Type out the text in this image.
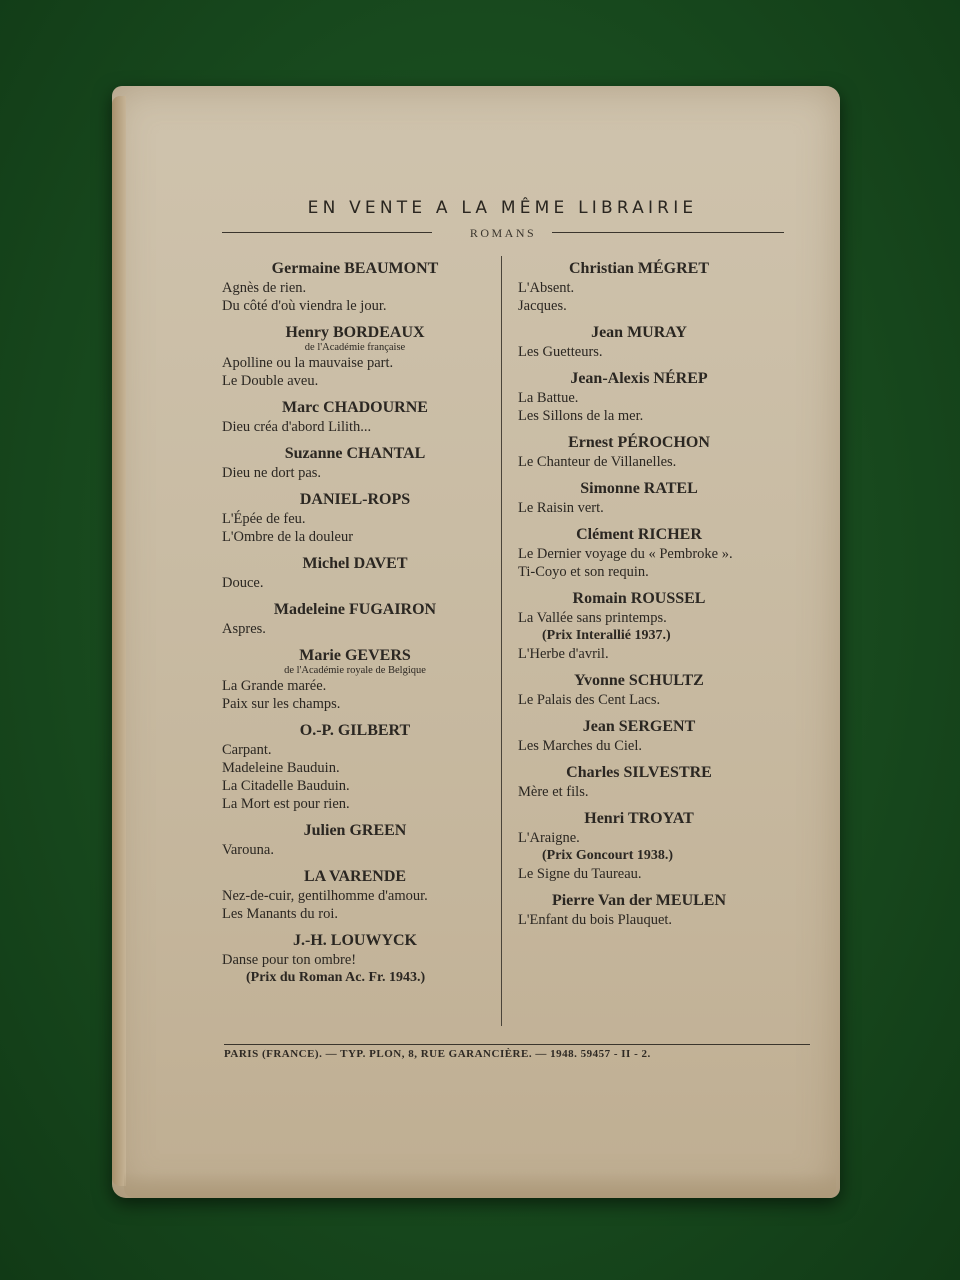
EN VENTE A LA MÊME LIBRAIRIE
ROMANS
Germaine BEAUMONT
Agnès de rien.
Du côté d'où viendra le jour.
Henry BORDEAUX
de l'Académie française
Apolline ou la mauvaise part.
Le Double aveu.
Marc CHADOURNE
Dieu créa d'abord Lilith...
Suzanne CHANTAL
Dieu ne dort pas.
DANIEL-ROPS
L'Épée de feu.
L'Ombre de la douleur
Michel DAVET
Douce.
Madeleine FUGAIRON
Aspres.
Marie GEVERS
de l'Académie royale de Belgique
La Grande marée.
Paix sur les champs.
O.-P. GILBERT
Carpant.
Madeleine Bauduin.
La Citadelle Bauduin.
La Mort est pour rien.
Julien GREEN
Varouna.
LA VARENDE
Nez-de-cuir, gentilhomme d'amour.
Les Manants du roi.
J.-H. LOUWYCK
Danse pour ton ombre!
(Prix du Roman Ac. Fr. 1943.)
Christian MÉGRET
L'Absent.
Jacques.
Jean MURAY
Les Guetteurs.
Jean-Alexis NÉREP
La Battue.
Les Sillons de la mer.
Ernest PÉROCHON
Le Chanteur de Villanelles.
Simonne RATEL
Le Raisin vert.
Clément RICHER
Le Dernier voyage du « Pembroke ».
Ti-Coyo et son requin.
Romain ROUSSEL
La Vallée sans printemps.
(Prix Interallié 1937.)
L'Herbe d'avril.
Yvonne SCHULTZ
Le Palais des Cent Lacs.
Jean SERGENT
Les Marches du Ciel.
Charles SILVESTRE
Mère et fils.
Henri TROYAT
L'Araigne.
(Prix Goncourt 1938.)
Le Signe du Taureau.
Pierre Van der MEULEN
L'Enfant du bois Plauquet.
PARIS (FRANCE). — TYP. PLON, 8, RUE GARANCIÈRE. — 1948. 59457 - II - 2.
